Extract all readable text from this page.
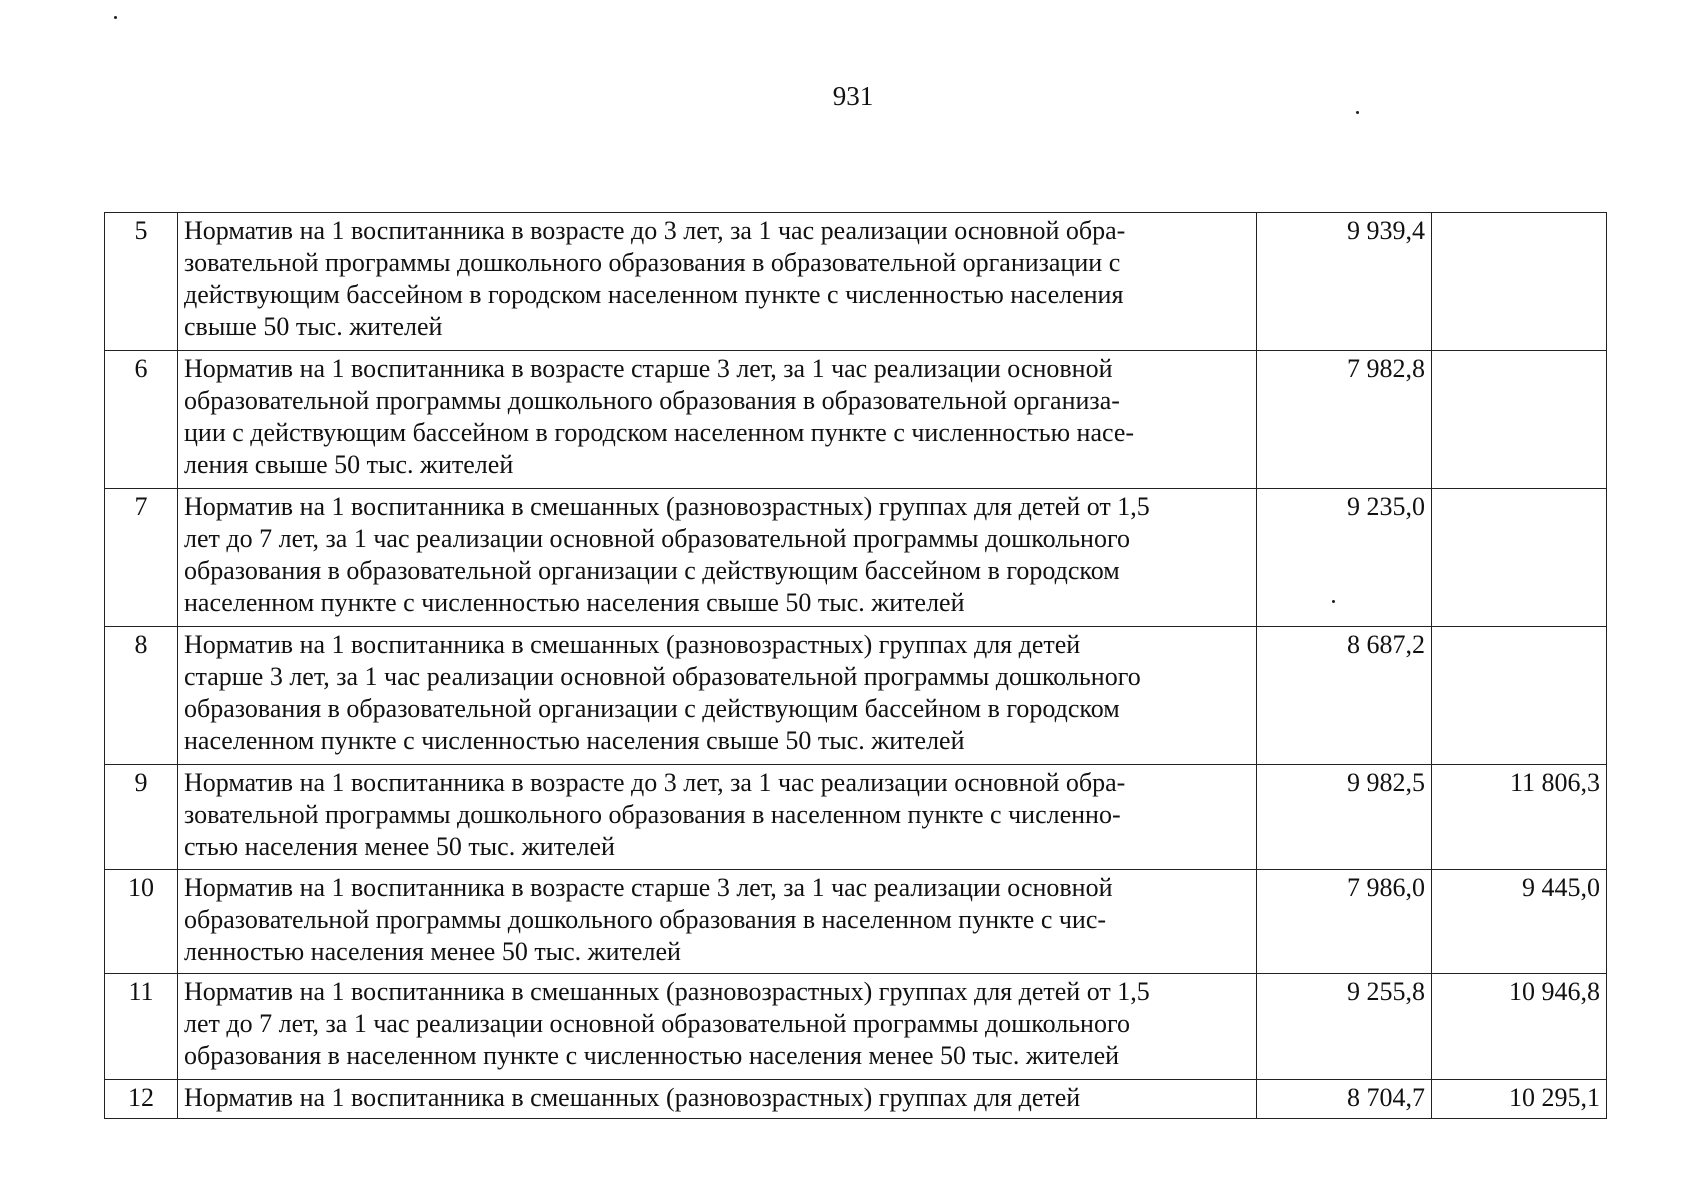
931
5	Норматив на 1 воспитанника в возрасте до 3 лет, за 1 час реализации основной обра-
зовательной программы дошкольного образования в образовательной организации с
действующим бассейном в городском населенном пункте с численностью населения
свыше 50 тыс. жителей	9 939,4	
6	Норматив на 1 воспитанника в возрасте старше 3 лет, за 1 час реализации основной
образовательной программы дошкольного образования в образовательной организа-
ции с действующим бассейном в городском населенном пункте с численностью насе-
ления свыше 50 тыс. жителей	7 982,8	
7	Норматив на 1 воспитанника в смешанных (разновозрастных) группах для детей от 1,5
лет до 7 лет, за 1 час реализации основной образовательной программы дошкольного
образования в образовательной организации с действующим бассейном в городском
населенном пункте с численностью населения свыше 50 тыс. жителей	9 235,0	
8	Норматив на 1 воспитанника в смешанных (разновозрастных) группах для детей
старше 3 лет, за 1 час реализации основной образовательной программы дошкольного
образования в образовательной организации с действующим бассейном в городском
населенном пункте с численностью населения свыше 50 тыс. жителей	8 687,2	
9	Норматив на 1 воспитанника в возрасте до 3 лет, за 1 час реализации основной обра-
зовательной программы дошкольного образования в населенном пункте с численно-
стью населения менее 50 тыс. жителей	9 982,5	11 806,3
10	Норматив на 1 воспитанника в возрасте старше 3 лет, за 1 час реализации основной
образовательной программы дошкольного образования в населенном пункте с чис-
ленностью населения менее 50 тыс. жителей	7 986,0	9 445,0
11	Норматив на 1 воспитанника в смешанных (разновозрастных) группах для детей от 1,5
лет до 7 лет, за 1 час реализации основной образовательной программы дошкольного
образования в населенном пункте с численностью населения менее 50 тыс. жителей	9 255,8	10 946,8
12	Норматив на 1 воспитанника в смешанных (разновозрастных) группах для детей	8 704,7	10 295,1
